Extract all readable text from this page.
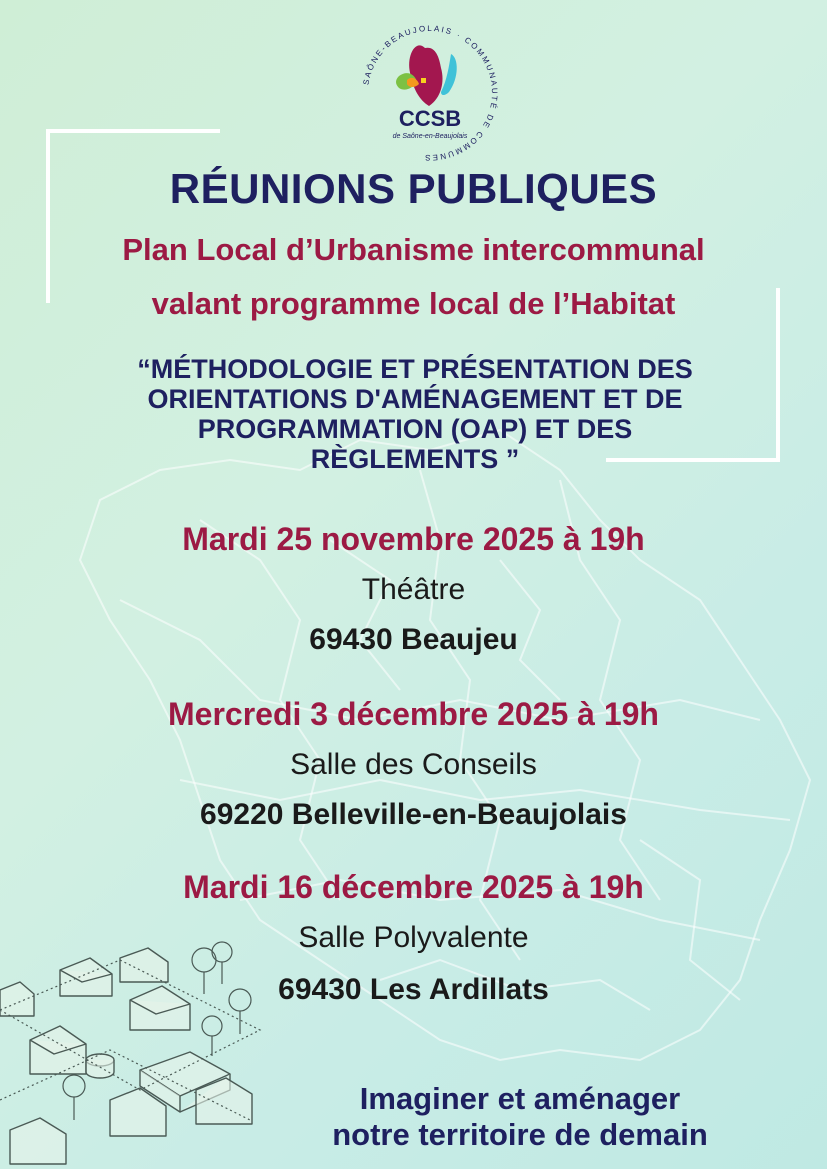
SAÔNE-BEAUJOLAIS · COMMUNAUTÉ DE COMMUNES
CCSB
de Saône-en-Beaujolais
RÉUNIONS PUBLIQUES
Plan Local d’Urbanisme intercommunal
valant programme local de l’Habitat
“MÉTHODOLOGIE ET PRÉSENTATION DES
ORIENTATIONS D'AMÉNAGEMENT ET DE
PROGRAMMATION (OAP) ET DES
RÈGLEMENTS ”
Mardi 25 novembre 2025 à 19h
Théâtre
69430 Beaujeu
Mercredi 3 décembre 2025 à 19h
Salle des Conseils
69220 Belleville-en-Beaujolais
Mardi 16 décembre 2025 à 19h
Salle Polyvalente
69430 Les Ardillats
Imaginer et aménager
notre territoire de demain
